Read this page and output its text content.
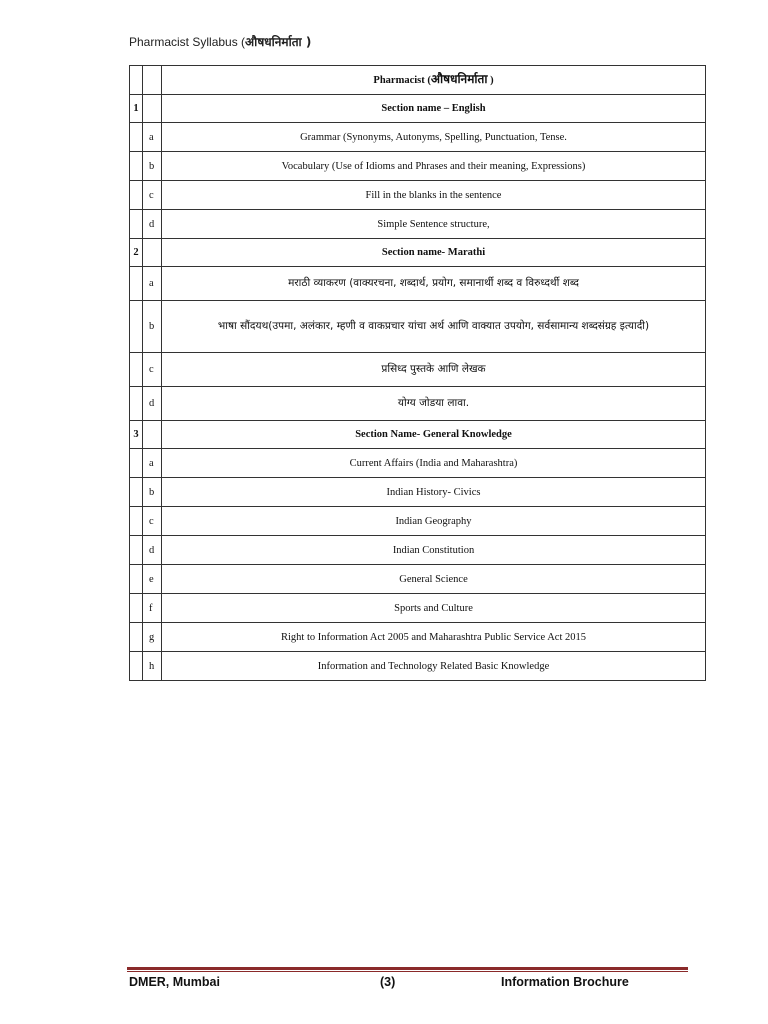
Pharmacist Syllabus (औषधनिर्माता )
		Pharmacist (औषधनिर्माता )
1		Section name – English
	a	Grammar (Synonyms, Autonyms, Spelling, Punctuation, Tense.
	b	Vocabulary (Use of Idioms and Phrases and their meaning, Expressions)
	c	Fill in the blanks in the sentence
	d	Simple Sentence structure,
2		Section name- Marathi
	a	मराठी व्याकरण (वाक्यरचना, शब्दार्थ, प्रयोग, समानार्थी शब्द व विरुध्दर्थी शब्द
	b	भाषा सौंदयथ(उपमा, अलंकार, म्हणी व वाकप्रचार यांचा अर्थ आणि वाक्यात उपयोग, सर्वसामान्य शब्दसंग्रह इत्यादी)
	c	प्रसिध्द पुस्तके आणि लेखक
	d	योग्य जोडया लावा.
3		Section Name- General Knowledge
	a	Current Affairs (India and Maharashtra)
	b	Indian History- Civics
	c	Indian Geography
	d	Indian Constitution
	e	General Science
	f	Sports and Culture
	g	Right to Information Act 2005 and Maharashtra Public Service Act 2015
	h	Information and Technology Related Basic Knowledge
DMER, Mumbai	(3)	Information Brochure
